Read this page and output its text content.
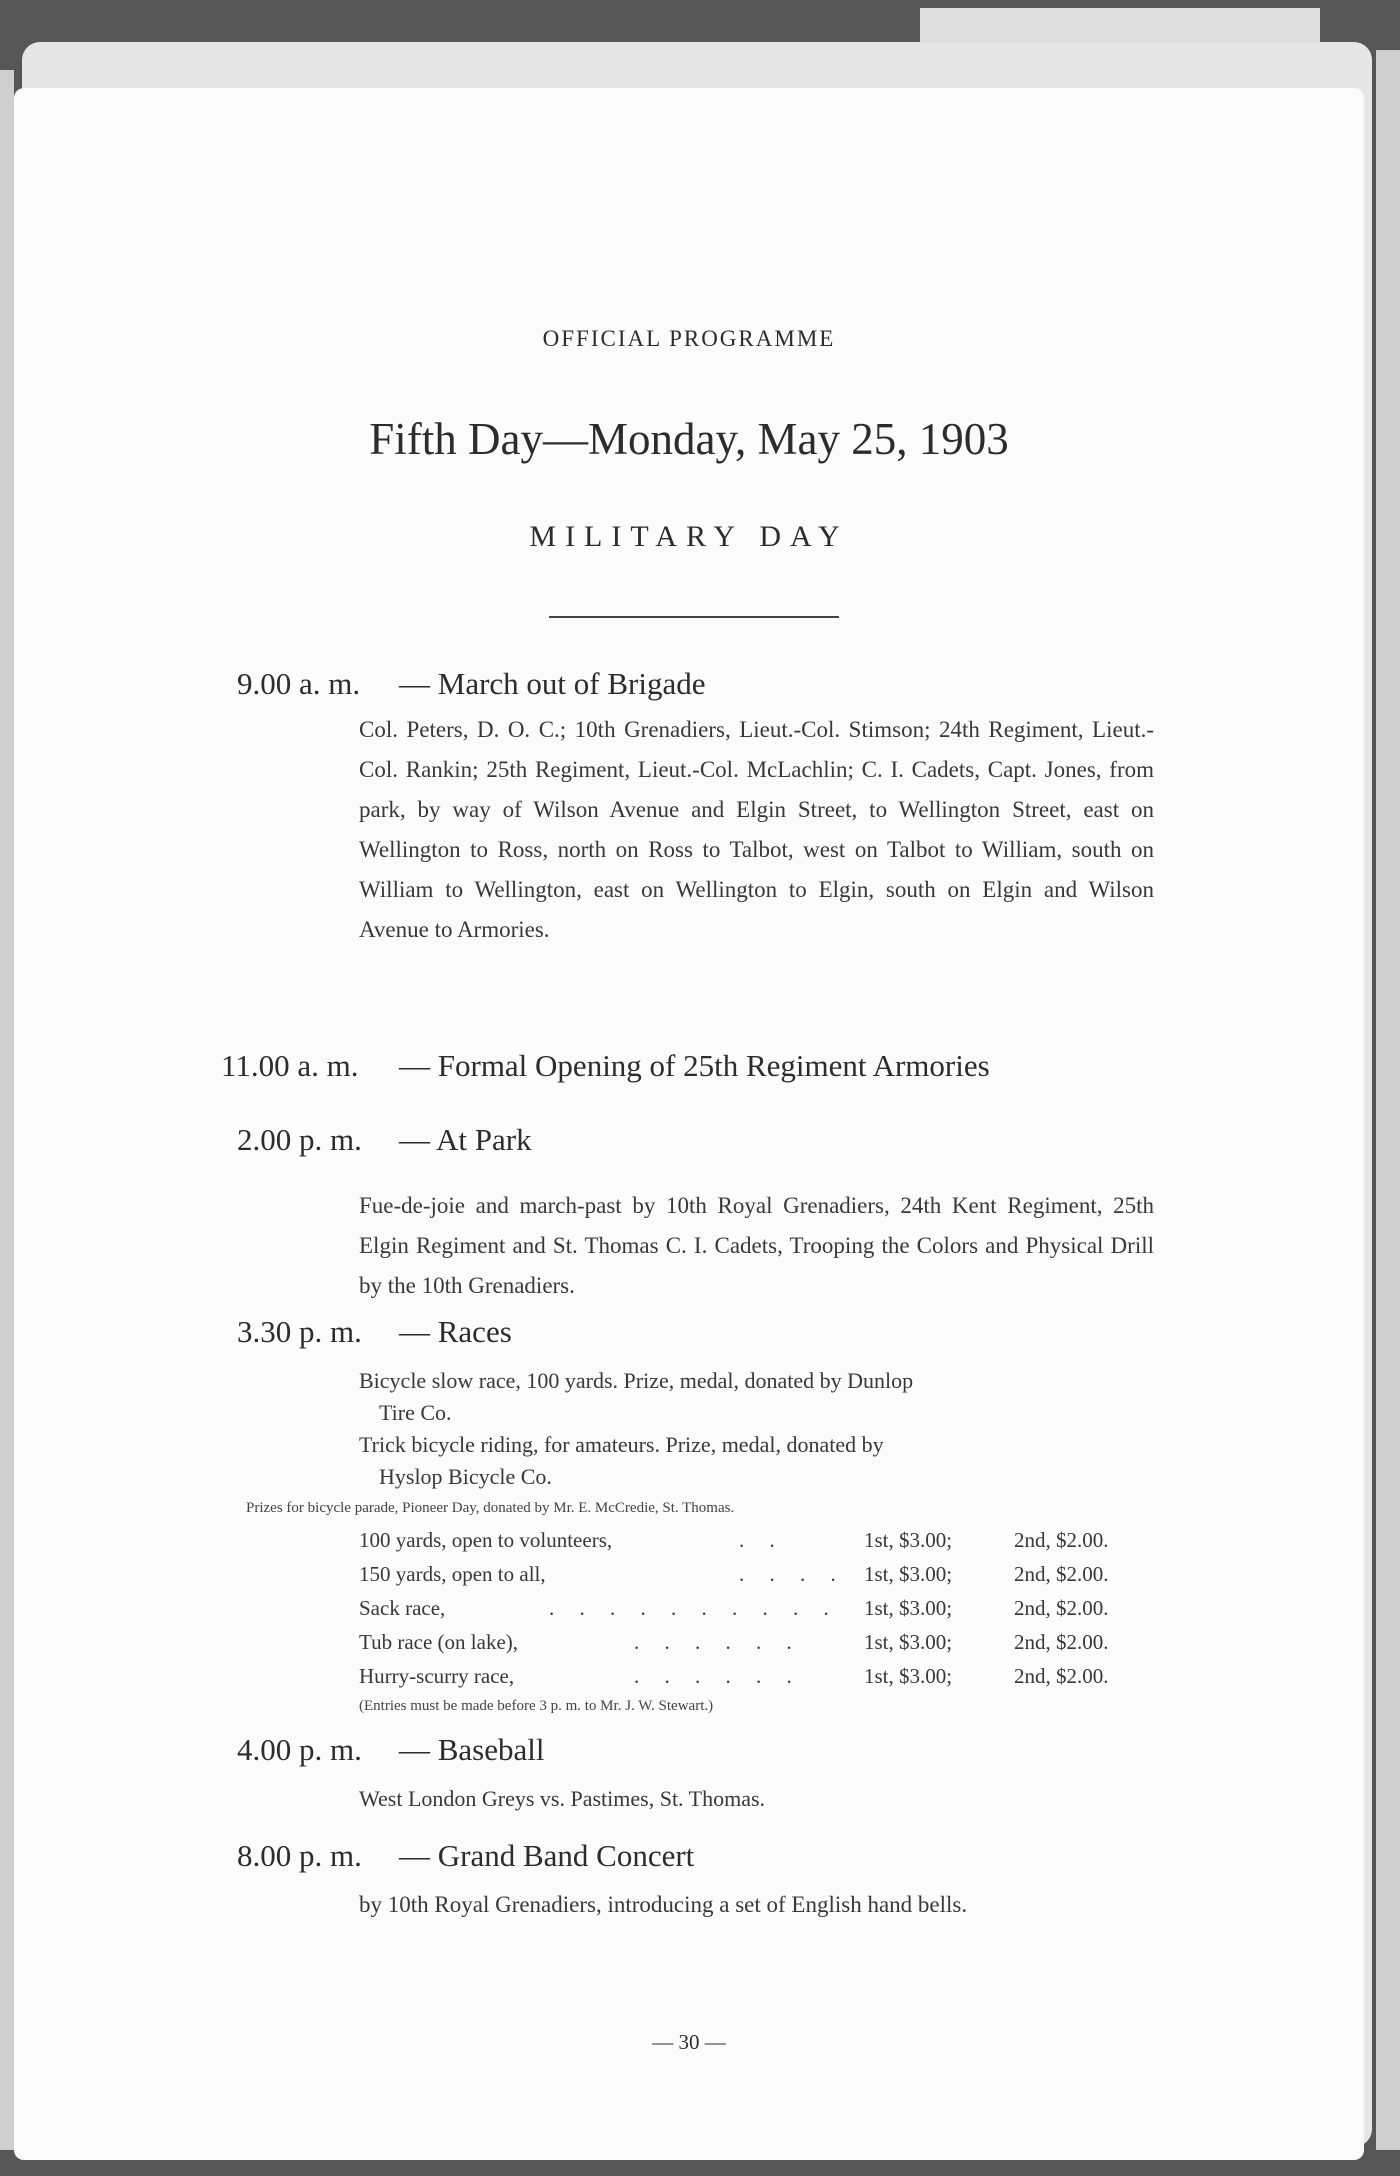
OFFICIAL PROGRAMME
Fifth Day—Monday, May 25, 1903
MILITARY DAY
9.00 a. m. — March out of Brigade
Col. Peters, D. O. C.; 10th Grenadiers, Lieut.-Col. Stimson; 24th Regiment, Lieut.-Col. Rankin; 25th Regiment, Lieut.-Col. McLachlin; C. I. Cadets, Capt. Jones, from park, by way of Wilson Avenue and Elgin Street, to Wellington Street, east on Wellington to Ross, north on Ross to Talbot, west on Talbot to William, south on William to Wellington, east on Wellington to Elgin, south on Elgin and Wilson Avenue to Armories.
11.00 a. m. — Formal Opening of 25th Regiment Armories
2.00 p. m. — At Park
Fue-de-joie and march-past by 10th Royal Grenadiers, 24th Kent Regiment, 25th Elgin Regiment and St. Thomas C. I. Cadets, Trooping the Colors and Physical Drill by the 10th Grenadiers.
3.30 p. m. — Races
Bicycle slow race, 100 yards. Prize, medal, donated by Dunlop
Tire Co.
Trick bicycle riding, for amateurs. Prize, medal, donated by
Hyslop Bicycle Co.
Prizes for bicycle parade, Pioneer Day, donated by Mr. E. McCredie, St. Thomas.
100 yards, open to volunteers,	. .	1st, $3.00;	2nd, $2.00.
150 yards, open to all,	. . . . 1st, $3.00;	2nd, $2.00.
Sack race,	. . . . . . . . . . 1st, $3.00;	2nd, $2.00.
Tub race (on lake),	. . . . . .	1st, $3.00;	2nd, $2.00.
Hurry-scurry race,	. . . . . .	1st, $3.00;	2nd, $2.00.
(Entries must be made before 3 p. m. to Mr. J. W. Stewart.)
4.00 p. m. — Baseball
West London Greys vs. Pastimes, St. Thomas.
8.00 p. m. — Grand Band Concert
by 10th Royal Grenadiers, introducing a set of English hand bells.
— 30 —
